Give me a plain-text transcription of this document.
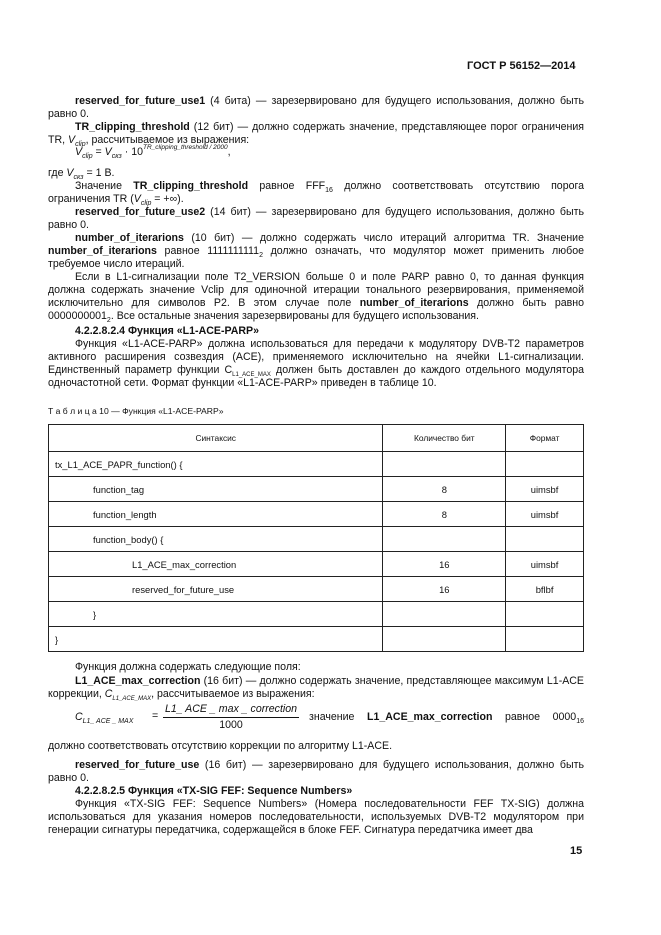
ГОСТ Р 56152—2014
reserved_for_future_use1 (4 бита) — зарезервировано для будущего использования, должно быть равно 0.
TR_clipping_threshold (12 бит) — должно содержать значение, представляющее порог ограничения TR, $V_{clip}$, рассчитываемое из выражения:
$V_{clip} = V_{скз} \cdot 10^{TR\_clipping\_threshold / 2000}$,
где $V_{скз} = 1$ В.
Значение TR_clipping_threshold равное $FFF_{16}$ должно соответствовать отсутствию порога ограничения TR ($V_{clip}$ = +∞).
reserved_for_future_use2 (14 бит) — зарезервировано для будущего использования, должно быть равно 0.
number_of_iterarions (10 бит) — должно содержать число итераций алгоритма TR. Значение number_of_iterarions равное $1111111111_2$ должно означать, что модулятор может применить любое требуемое число итераций.
Если в L1-сигнализации поле T2_VERSION больше 0 и поле PARP равно 0, то данная функция должна содержать значение Vclip для одиночной итерации тонального резервирования, применяемой исключительно для символов P2. В этом случае поле number_of_iterarions должно быть равно $0000000001_2$. Все остальные значения зарезервированы для будущего использования.
4.2.2.8.2.4 Функция «L1-ACE-PARP»
Функция «L1-ACE-PARP» должна использоваться для передачи к модулятору DVB-T2 параметров активного расширения созвездия (ACE), применяемого исключительно на ячейки L1-сигнализации. Единственный параметр функции $C_{L1\_ACE\_MAX}$ должен быть доставлен до каждого отдельного модулятора одночастотной сети. Формат функции «L1-ACE-PARP» приведен в таблице 10.
Т а б л и ц а 10 — Функция «L1-ACE-PARP»
Синтаксис	Количество бит	Формат
tx_L1_ACE_PAPR_function() {		
function_tag	8	uimsbf
function_length	8	uimsbf
function_body() {		
L1_ACE_max_correction	16	uimsbf
reserved_for_future_use	16	bflbf
}		
}		
Функция должна содержать следующие поля:
L1_ACE_max_correction (16 бит) — должно содержать значение, представляющее максимум L1-ACE коррекции, $C_{L1\_ACE\_MAX}$, рассчитываемое из выражения:
$C_{L1\_ ACE \_ MAX}$ =
L1_ ACE _ max _ correction
1000
значение L1_ACE_max_correction равное $0000_{16}$
должно соответствовать отсутствию коррекции по алгоритму L1-ACE.
reserved_for_future_use (16 бит) — зарезервировано для будущего использования, должно быть равно 0.
4.2.2.8.2.5 Функция «TX-SIG FEF: Sequence Numbers»
Функция «TX-SIG FEF: Sequence Numbers» (Номера последовательности FEF TX-SIG) должна использоваться для указания номеров последовательности, используемых DVB-T2 модулятором при генерации сигнатуры передатчика, содержащейся в блоке FEF. Сигнатура передатчика имеет два
15
